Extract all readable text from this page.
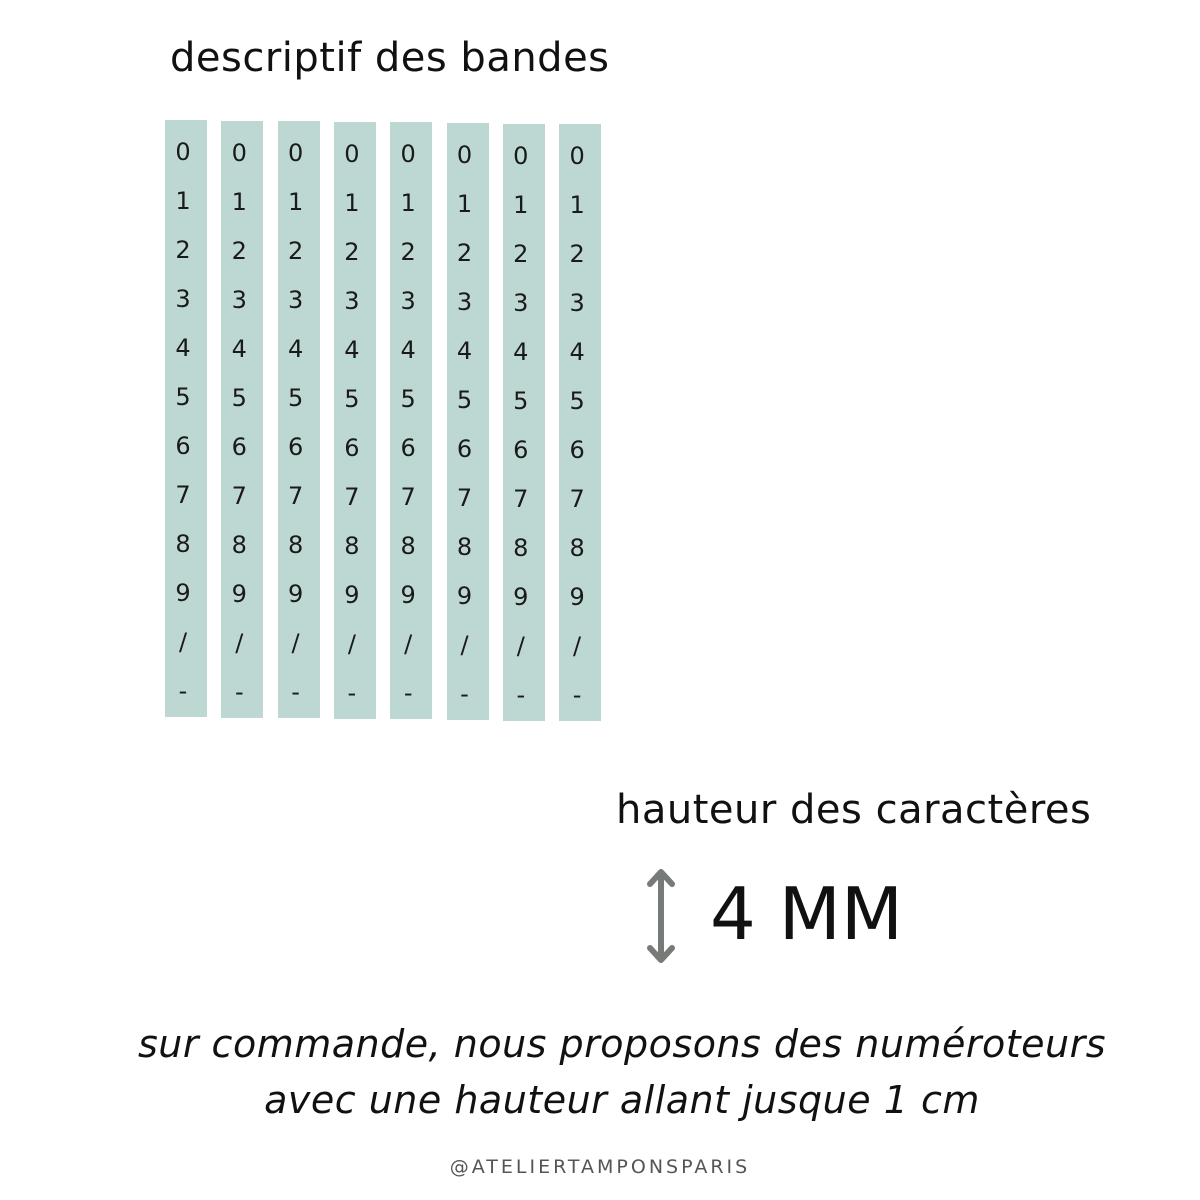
descriptif des bandes
0
1
2
3
4
5
6
7
8
9
/
-
0
1
2
3
4
5
6
7
8
9
/
-
0
1
2
3
4
5
6
7
8
9
/
-
0
1
2
3
4
5
6
7
8
9
/
-
0
1
2
3
4
5
6
7
8
9
/
-
0
1
2
3
4
5
6
7
8
9
/
-
0
1
2
3
4
5
6
7
8
9
/
-
0
1
2
3
4
5
6
7
8
9
/
-
hauteur des caractères
4 MM
sur commande, nous proposons des numéroteurs
avec une hauteur allant jusque 1 cm
@ATELIERTAMPONSPARIS
